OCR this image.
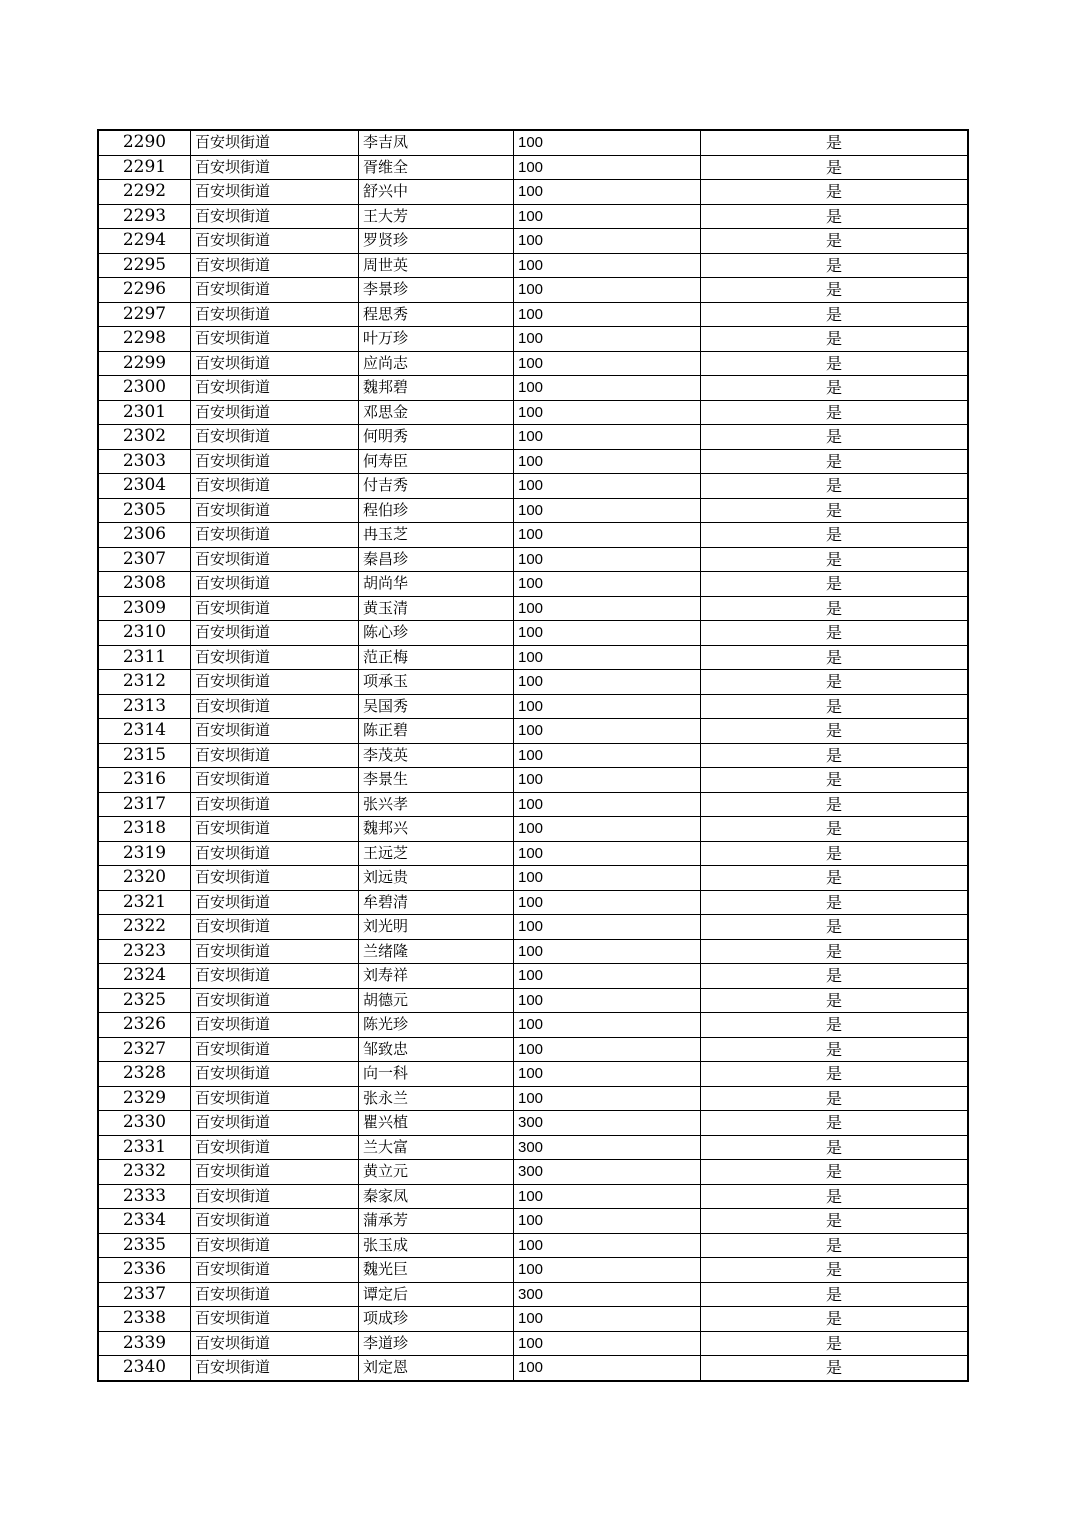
2290	百安坝街道	李吉凤	100	是
2291	百安坝街道	胥维全	100	是
2292	百安坝街道	舒兴中	100	是
2293	百安坝街道	王大芳	100	是
2294	百安坝街道	罗贤珍	100	是
2295	百安坝街道	周世英	100	是
2296	百安坝街道	李景珍	100	是
2297	百安坝街道	程思秀	100	是
2298	百安坝街道	叶万珍	100	是
2299	百安坝街道	应尚志	100	是
2300	百安坝街道	魏邦碧	100	是
2301	百安坝街道	邓思金	100	是
2302	百安坝街道	何明秀	100	是
2303	百安坝街道	何寿臣	100	是
2304	百安坝街道	付吉秀	100	是
2305	百安坝街道	程伯珍	100	是
2306	百安坝街道	冉玉芝	100	是
2307	百安坝街道	秦昌珍	100	是
2308	百安坝街道	胡尚华	100	是
2309	百安坝街道	黄玉清	100	是
2310	百安坝街道	陈心珍	100	是
2311	百安坝街道	范正梅	100	是
2312	百安坝街道	项承玉	100	是
2313	百安坝街道	吴国秀	100	是
2314	百安坝街道	陈正碧	100	是
2315	百安坝街道	李茂英	100	是
2316	百安坝街道	李景生	100	是
2317	百安坝街道	张兴孝	100	是
2318	百安坝街道	魏邦兴	100	是
2319	百安坝街道	王远芝	100	是
2320	百安坝街道	刘远贵	100	是
2321	百安坝街道	牟碧清	100	是
2322	百安坝街道	刘光明	100	是
2323	百安坝街道	兰绪隆	100	是
2324	百安坝街道	刘寿祥	100	是
2325	百安坝街道	胡德元	100	是
2326	百安坝街道	陈光珍	100	是
2327	百安坝街道	邹致忠	100	是
2328	百安坝街道	向一科	100	是
2329	百安坝街道	张永兰	100	是
2330	百安坝街道	瞿兴植	300	是
2331	百安坝街道	兰大富	300	是
2332	百安坝街道	黄立元	300	是
2333	百安坝街道	秦家凤	100	是
2334	百安坝街道	蒲承芳	100	是
2335	百安坝街道	张玉成	100	是
2336	百安坝街道	魏光巨	100	是
2337	百安坝街道	谭定后	300	是
2338	百安坝街道	项成珍	100	是
2339	百安坝街道	李道珍	100	是
2340	百安坝街道	刘定恩	100	是
